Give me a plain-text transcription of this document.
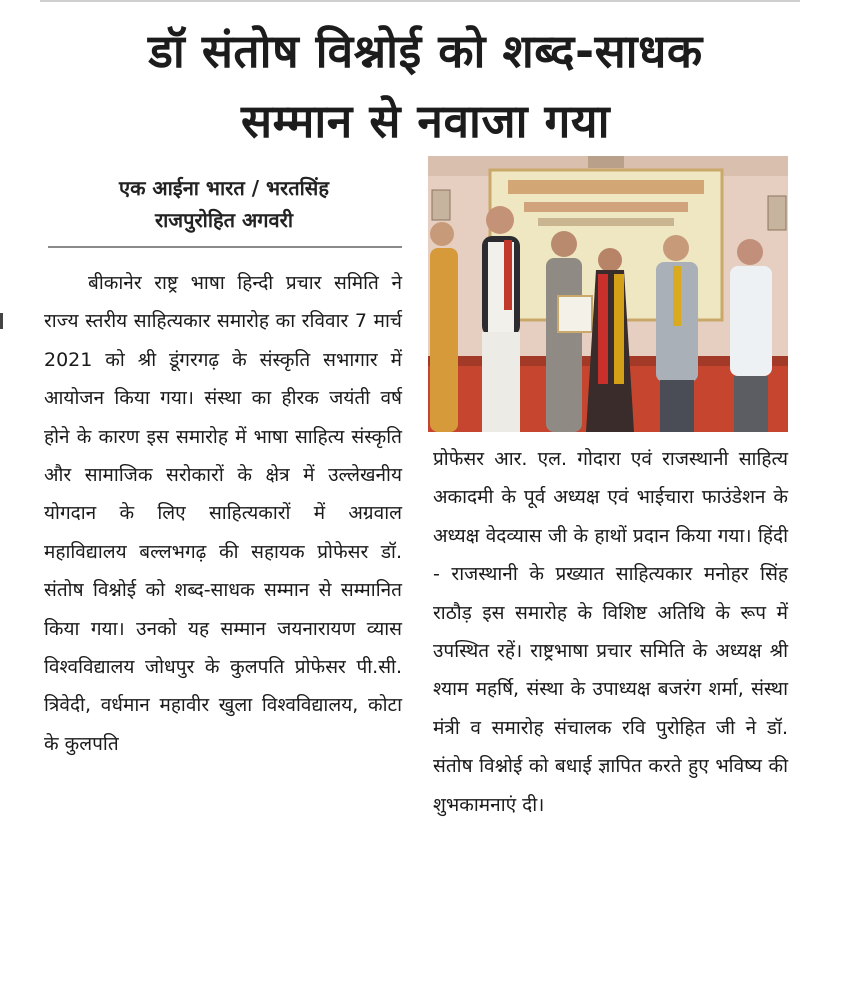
डॉ संतोष विश्नोई को शब्द-साधक
सम्मान से नवाजा गया
एक आईना भारत / भरतसिंह
राजपुरोहित अगवरी

बीकानेर राष्ट्र भाषा हिन्दी प्रचार समिति ने राज्य स्तरीय साहित्यकार समारोह का रविवार 7 मार्च 2021 को श्री डूंगरगढ़ के संस्कृति सभागार में आयोजन किया गया। संस्था का हीरक जयंती वर्ष होने के कारण इस समारोह में भाषा साहित्य संस्कृति और सामाजिक सरोकारों के क्षेत्र में उल्लेखनीय योगदान के लिए साहित्यकारों में अग्रवाल महाविद्यालय बल्लभगढ़ की सहायक प्रोफेसर डॉ. संतोष विश्नोई को शब्द-साधक सम्मान से सम्मानित किया गया। उनको यह सम्मान जयनारायण व्यास विश्वविद्यालय जोधपुर के कुलपति प्रोफेसर पी.सी. त्रिवेदी, वर्धमान महावीर खुला विश्वविद्यालय, कोटा के कुलपति

प्रोफेसर आर. एल. गोदारा एवं राजस्थानी साहित्य अकादमी के पूर्व अध्यक्ष एवं भाईचारा फाउंडेशन के अध्यक्ष वेदव्यास जी के हाथों प्रदान किया गया। हिंदी - राजस्थानी के प्रख्यात साहित्यकार मनोहर सिंह राठौड़ इस समारोह के विशिष्ट अतिथि के रूप में उपस्थित रहें। राष्ट्रभाषा प्रचार समिति के अध्यक्ष श्री श्याम महर्षि, संस्था के उपाध्यक्ष बजरंग शर्मा, संस्था मंत्री व समारोह संचालक रवि पुरोहित जी ने डॉ. संतोष विश्नोई को बधाई ज्ञापित करते हुए भविष्य की शुभकामनाएं दी।
